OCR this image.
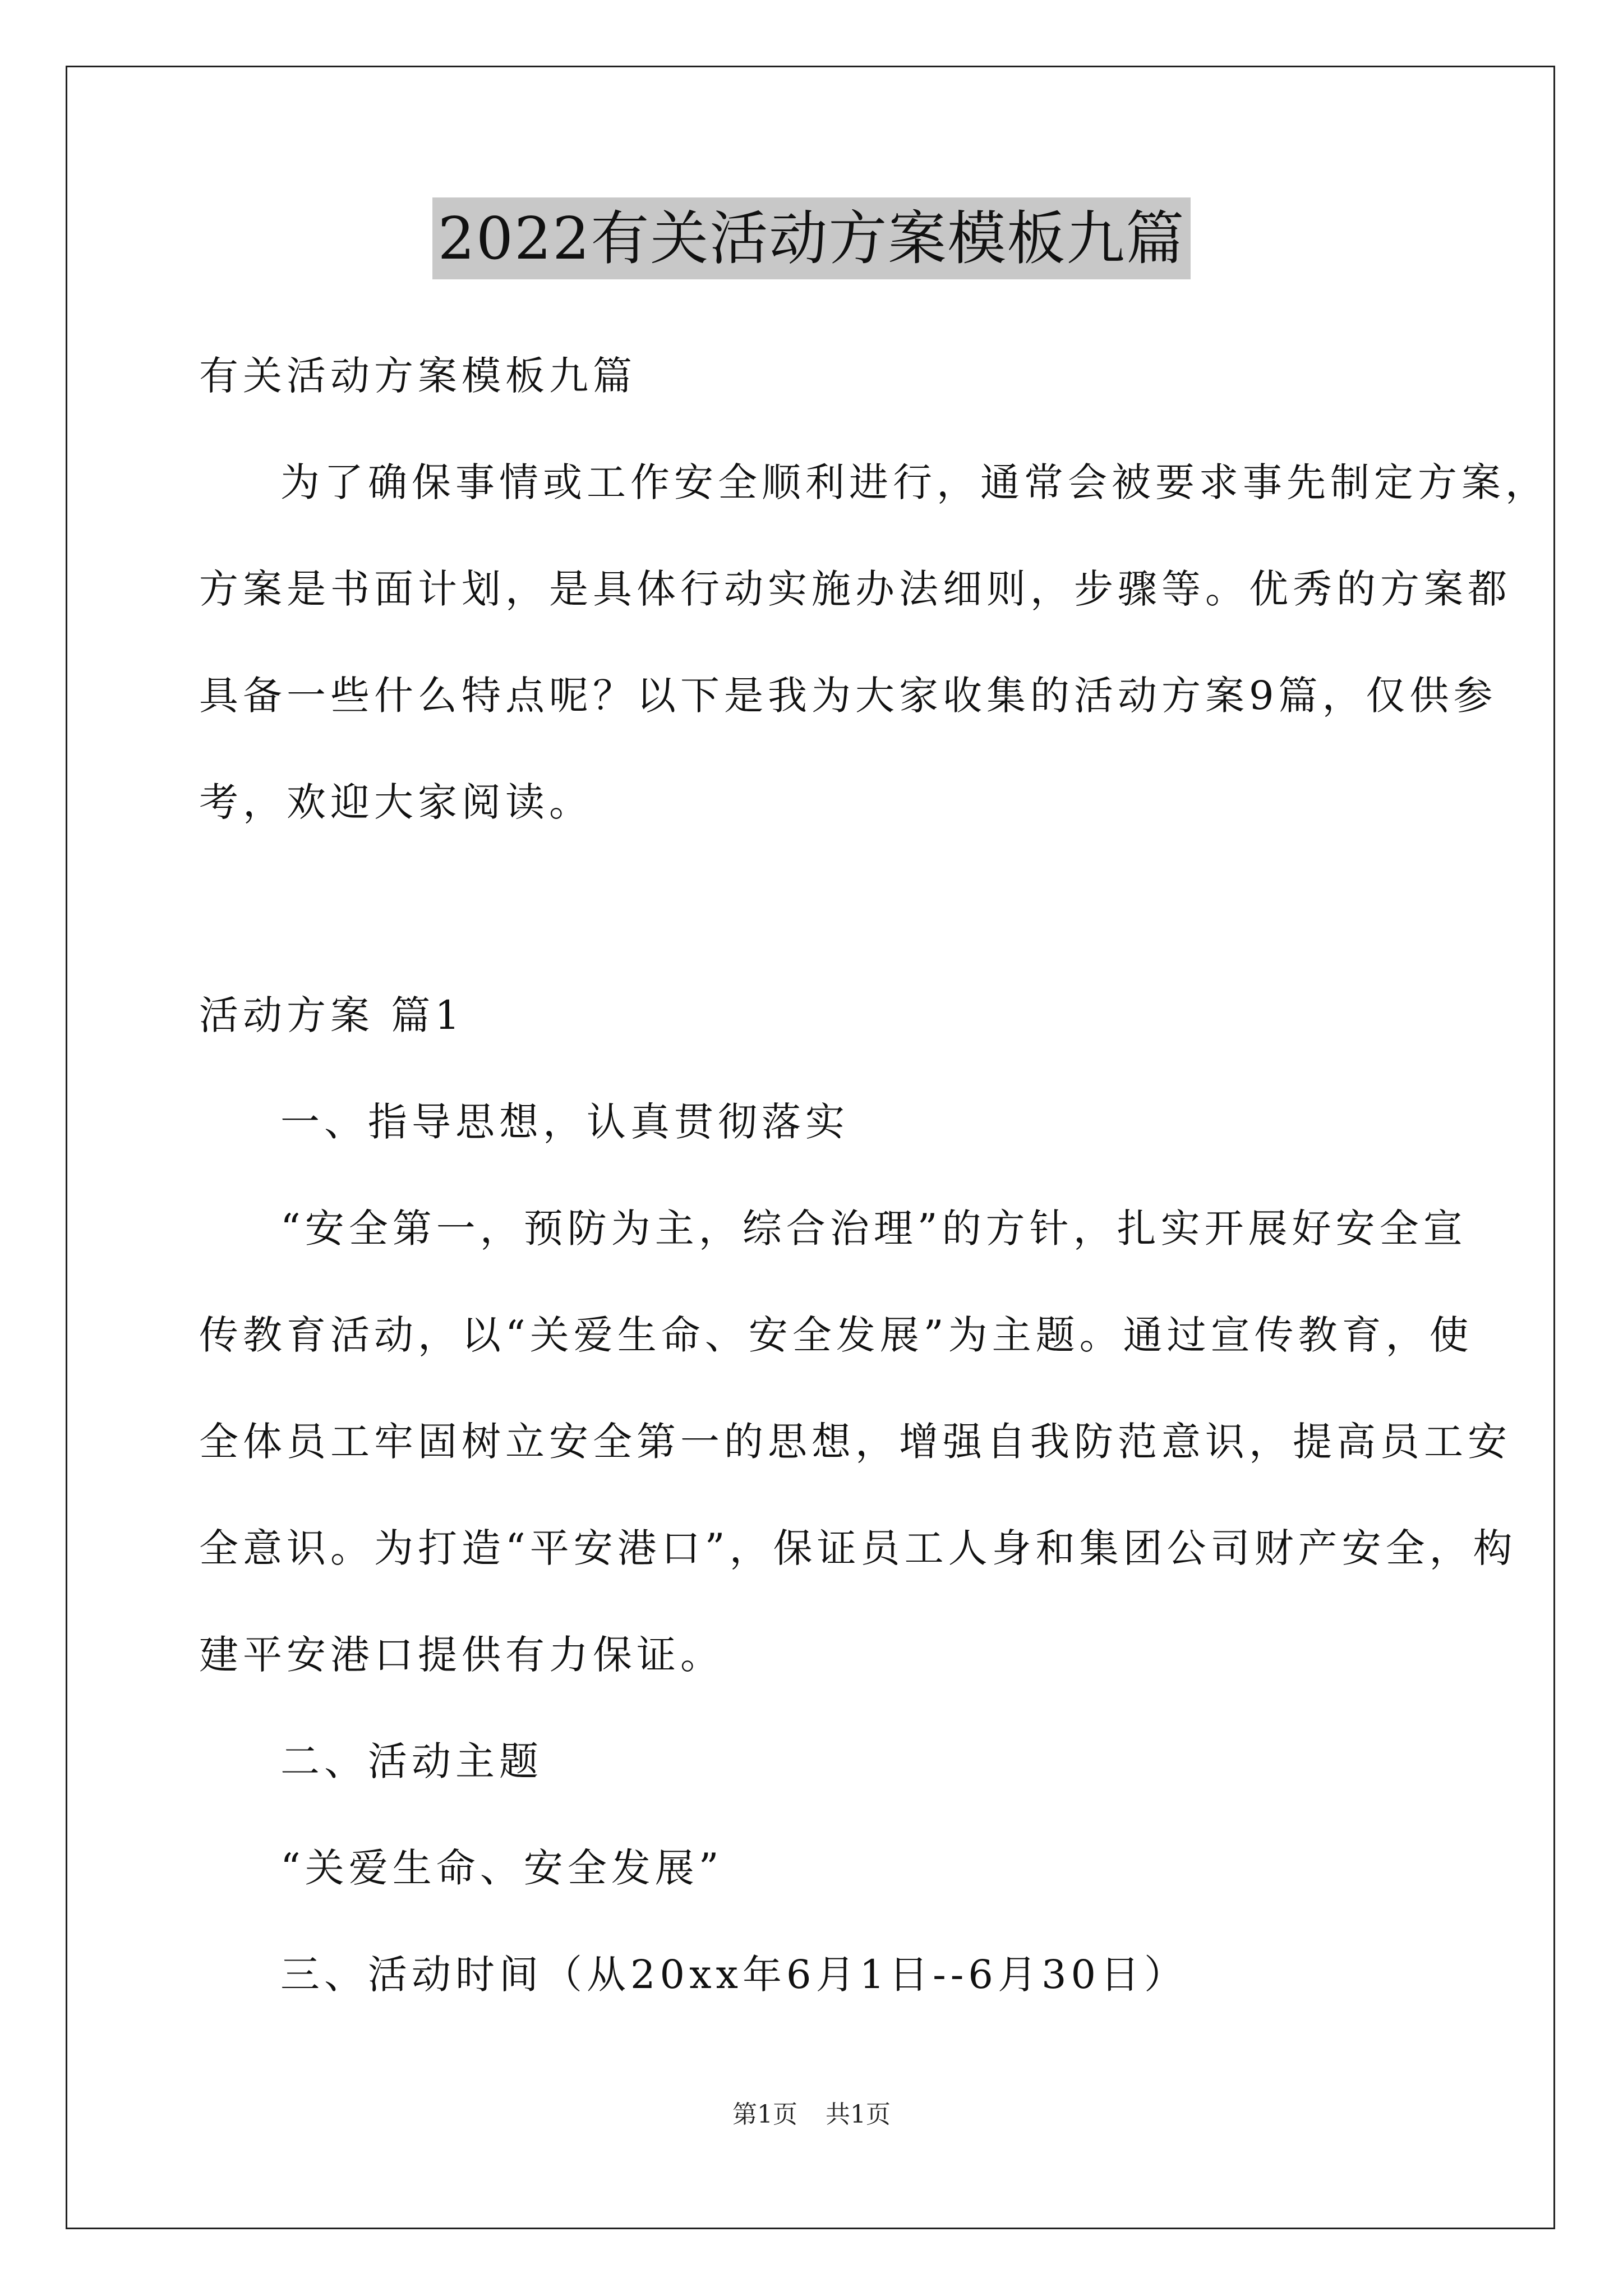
2022有关活动方案模板九篇
有关活动方案模板九篇
为了确保事情或工作安全顺利进行，通常会被要求事先制定方案，
方案是书面计划，是具体行动实施办法细则，步骤等。优秀的方案都
具备一些什么特点呢？以下是我为大家收集的活动方案9篇，仅供参
考，欢迎大家阅读。
活动方案 篇1
一、指导思想，认真贯彻落实
“安全第一，预防为主，综合治理”的方针，扎实开展好安全宣
传教育活动，以“关爱生命、安全发展”为主题。通过宣传教育，使
全体员工牢固树立安全第一的思想，增强自我防范意识，提高员工安
全意识。为打造“平安港口”，保证员工人身和集团公司财产安全，构
建平安港口提供有力保证。
二、活动主题
“关爱生命、安全发展”
三、活动时间（从20xx年6月1日--6月30日）
第1页 共1页
